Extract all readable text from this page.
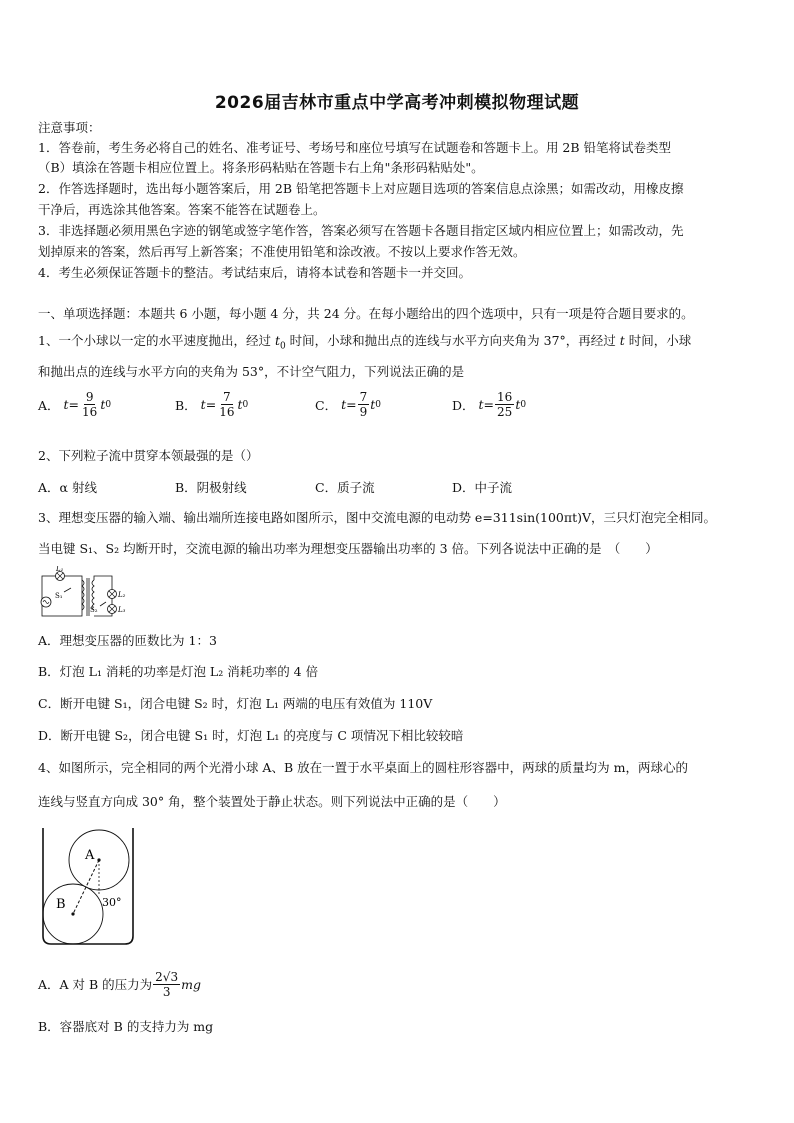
2026届吉林市重点中学高考冲刺模拟物理试题
注意事项：
1．答卷前，考生务必将自己的姓名、准考证号、考场号和座位号填写在试题卷和答题卡上。用 2B 铅笔将试卷类型
（B）填涂在答题卡相应位置上。将条形码粘贴在答题卡右上角"条形码粘贴处"。
2．作答选择题时，选出每小题答案后，用 2B 铅笔把答题卡上对应题目选项的答案信息点涂黑；如需改动，用橡皮擦
干净后，再选涂其他答案。答案不能答在试题卷上。
3．非选择题必须用黑色字迹的钢笔或签字笔作答，答案必须写在答题卡各题目指定区域内相应位置上；如需改动，先
划掉原来的答案，然后再写上新答案；不准使用铅笔和涂改液。不按以上要求作答无效。
4．考生必须保证答题卡的整洁。考试结束后，请将本试卷和答题卡一并交回。
一、单项选择题：本题共 6 小题，每小题 4 分，共 24 分。在每小题给出的四个选项中，只有一项是符合题目要求的。
1、一个小球以一定的水平速度抛出，经过 $t_0$ 时间，小球和抛出点的连线与水平方向夹角为 37°，再经过 t 时间，小球
和抛出点的连线与水平方向的夹角为 53°，不计空气阻力，下列说法正确的是
A．
$t = \frac{9}{16}$ t 0	B．
$t = \frac{7}{16}$ t 0	C．
$t = \frac{7}{9}$ t 0	D．
$t = \frac{16}{25}$ t 0
2、下列粒子流中贯穿本领最强的是（）
A．α 射线	B．阴极射线	C．质子流	D．中子流
3、理想变压器的输入端、输出端所连接电路如图所示，图中交流电源的电动势 e=311sin(100πt)V，三只灯泡完全相同。
当电键 S₁、S₂ 均断开时，交流电源的输出功率为理想变压器输出功率的 3 倍。下列各说法中正确的是　（　　）
L₁
S₁	L₂
L₃
S₂
A．理想变压器的匝数比为 1：3
B．灯泡 L₁ 消耗的功率是灯泡 L₂ 消耗功率的 4 倍
C．断开电键 S₁，闭合电键 S₂ 时，灯泡 L₁ 两端的电压有效值为 110V
D．断开电键 S₂，闭合电键 S₁ 时，灯泡 L₁ 的亮度与 C 项情况下相比较较暗
4、如图所示，完全相同的两个光滑小球 A、B 放在一置于水平桌面上的圆柱形容器中，两球的质量均为 m，两球心的
连线与竖直方向成 30° 角，整个装置处于静止状态。则下列说法中正确的是（　　）
A
B	30°
A．A 对 B 的压力为 $\frac{2√3}{3}$ mg
B．容器底对 B 的支持力为 mg
